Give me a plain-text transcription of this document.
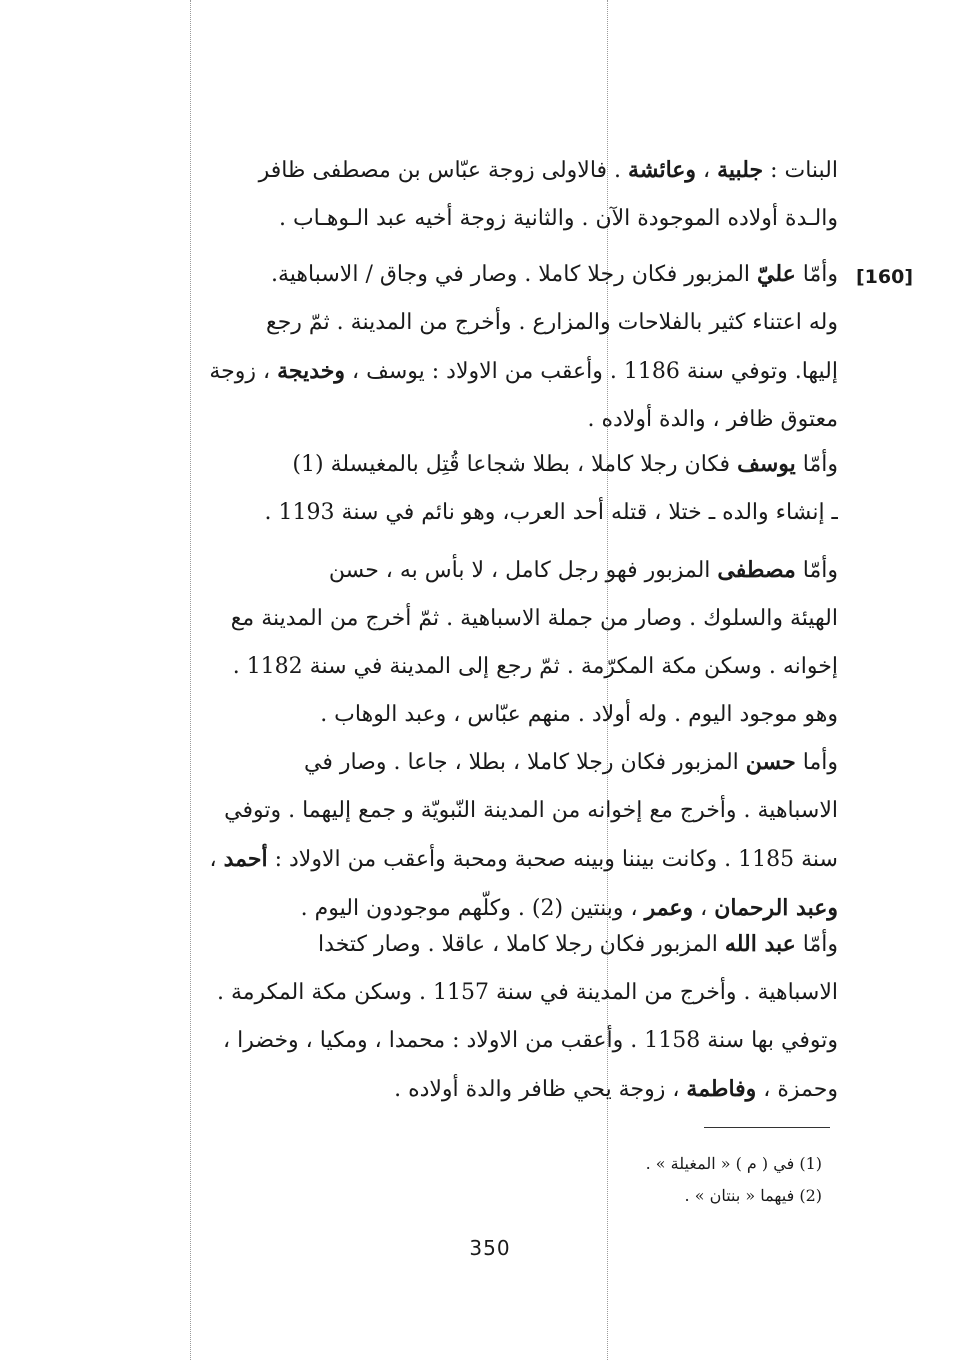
[160]
البنات : جلبية ، وعائشة . فالاولى زوجة عبّاس بن مصطفى ظافر
والـدة أولاده الموجودة الآن . والثانية زوجة أخيه عبد الـوهـاب .
وأمّا عليّ المزبور فكان رجلا كاملا . وصار في وجاق / الاسباهية.
وله اعتناء كثير بالفلاحات والمزارع . وأخرج من المدينة . ثمّ رجع
إليها. وتوفي سنة 1186 . وأعقب من الاولاد : يوسف ، وخديجة ، زوجة
معتوق ظافر ، والدة أولاده .
وأمّا يوسف فكان رجلا كاملا ، بطلا شجاعا قُتِل بالمغيسلة (1)
ـ إنشاء والده ـ ختلا ، قتله أحد العرب، وهو نائم في سنة 1193 .
وأمّا مصطفى المزبور فهو رجل كامل ، لا بأس به ، حسن
الهيئة والسلوك . وصار من جملة الاسباهية . ثمّ أخرج من المدينة مع
إخوانه . وسكن مكة المكرّمة . ثمّ رجع إلى المدينة في سنة 1182 .
وهو موجود اليوم . وله أولاد . منهم عبّاس ، وعبد الوهاب .
وأما حسن المزبور فكان رجلا كاملا ، بطلا ، جاعا . وصار في
الاسباهية . وأخرج مع إخوانه من المدينة النّبويّة و جمع إليهما . وتوفي
سنة 1185 . وكانت بيننا وبينه صحبة ومحبة وأعقب من الاولاد : أحمد ،
وعبد الرحمان ، وعمر ، وبنتين (2) . وكلّهم موجودون اليوم .
وأمّا عبد الله المزبور فكان رجلا كاملا ، عاقلا . وصار كتخدا
الاسباهية . وأخرج من المدينة في سنة 1157 . وسكن مكة المكرمة .
وتوفي بها سنة 1158 . وأعقب من الاولاد : محمدا ، ومكيا ، وخضرا ،
وحمزة ، وفاطمة ، زوجة يحي ظافر والدة أولاده .
(1) في ( م ) « المغيلة » .
(2) فيهما « بنتان » .
350
